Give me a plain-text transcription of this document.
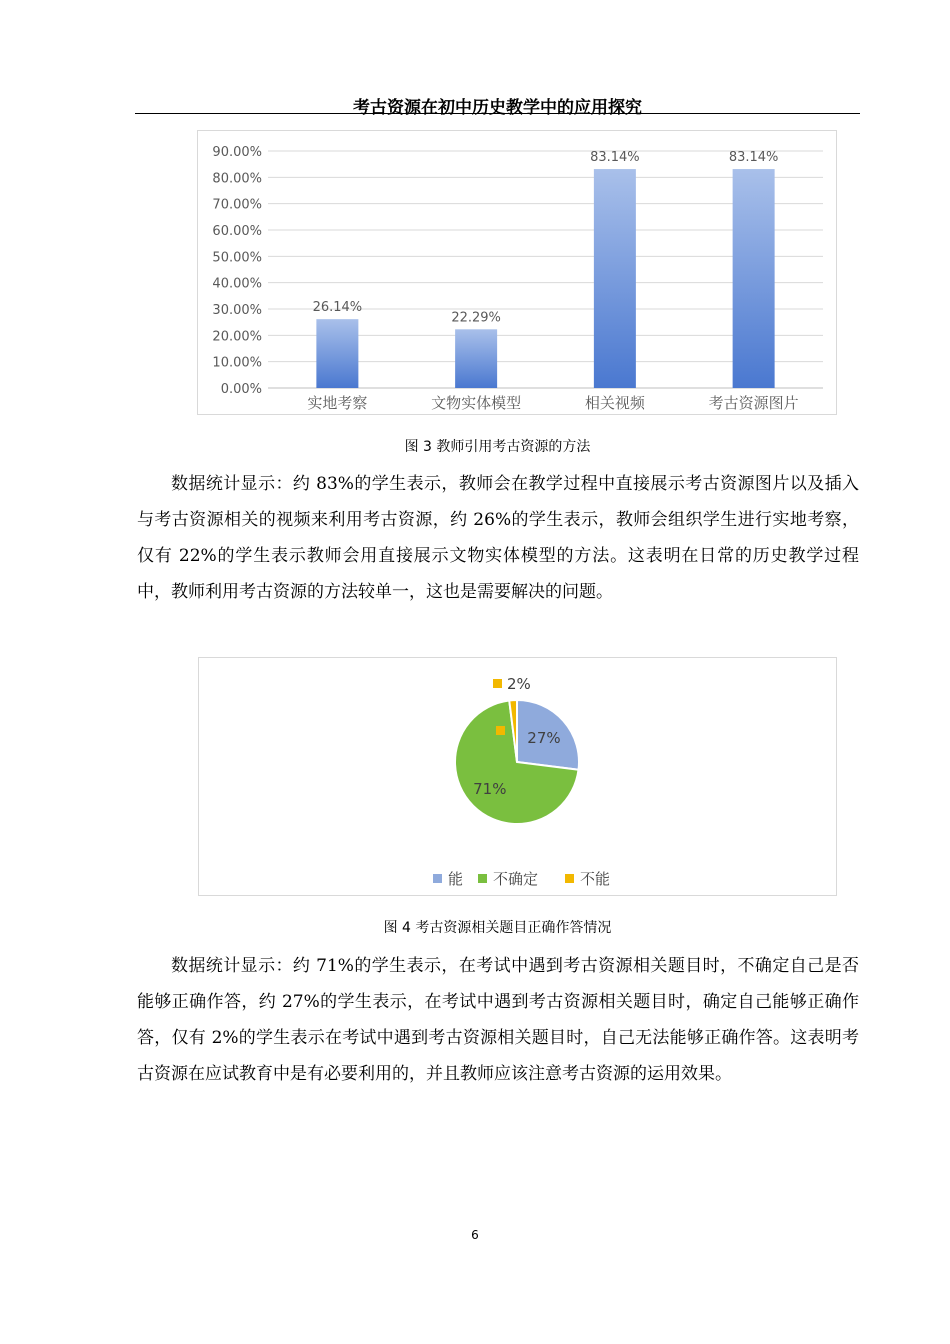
考古资源在初中历史教学中的应用探究
0.00%
10.00%
20.00%
30.00%
40.00%
50.00%
60.00%
70.00%
80.00%
90.00%
26.14%
22.29%
83.14%	83.14%
实地考察	文物实体模型	相关视频	考古资源图片
图 3 教师引用考古资源的方法

数据统计显示：约 83%的学生表示，教师会在教学过程中直接展示考古资源图片以及插入与考古资源相关的视频来利用考古资源，约 26%的学生表示，教师会组织学生进行实地考察，仅有 22%的学生表示教师会用直接展示文物实体模型的方法。这表明在日常的历史教学过程中，教师利用考古资源的方法较单一，这也是需要解决的问题。

27%
71%
2%
能 不确定	不能
图 4 考古资源相关题目正确作答情况

数据统计显示：约 71%的学生表示，在考试中遇到考古资源相关题目时，不确定自己是否能够正确作答，约 27%的学生表示，在考试中遇到考古资源相关题目时，确定自己能够正确作答，仅有 2%的学生表示在考试中遇到考古资源相关题目时，自己无法能够正确作答。这表明考古资源在应试教育中是有必要利用的，并且教师应该注意考古资源的运用效果。

6
